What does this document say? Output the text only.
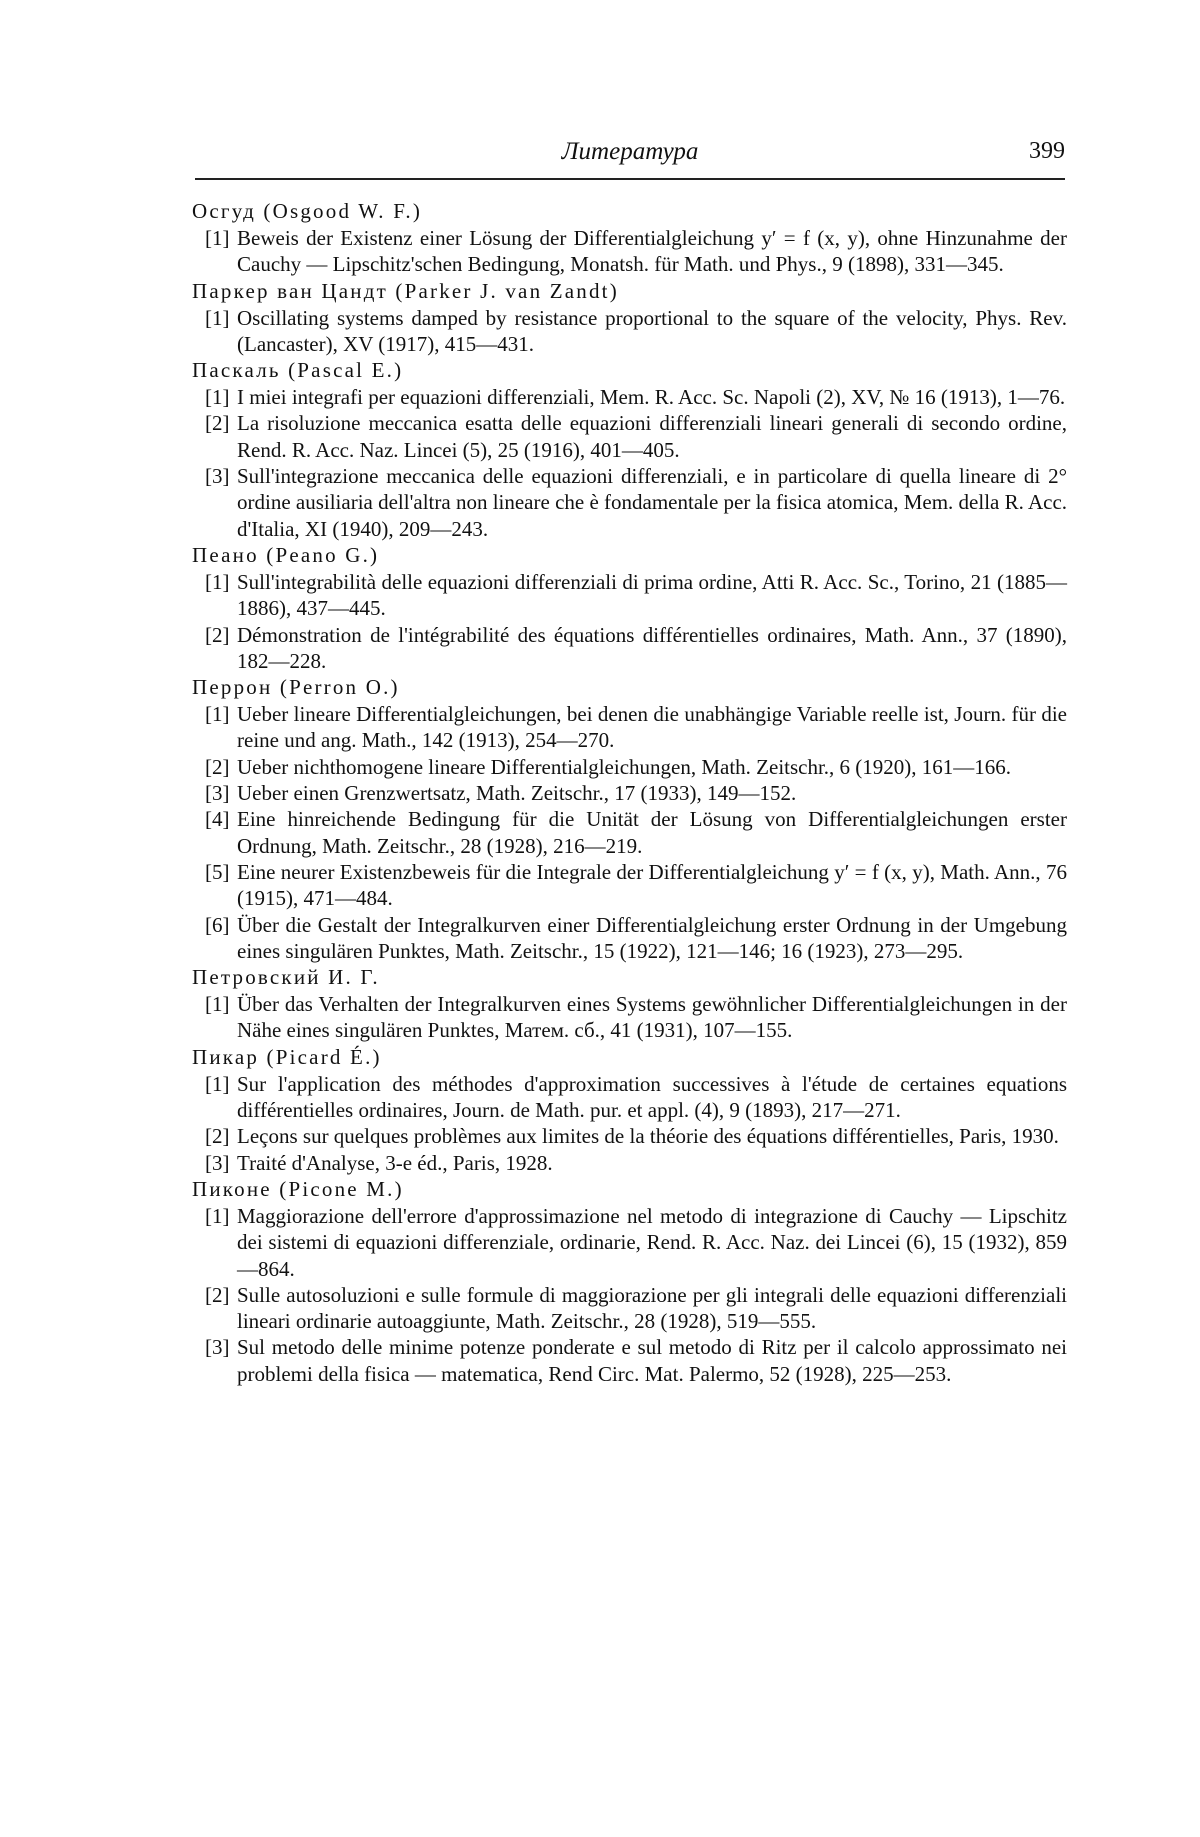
Литература	399

Осгуд (Osgood W. F.)

[1] Beweis der Existenz einer Lösung der Differentialgleichung y′ = f (x, y), ohne Hinzunahme der Cauchy — Lipschitz'schen Bedingung, Monatsh. für Math. und Phys., 9 (1898), 331—345.

Паркер ван Цандт (Parker J. van Zandt)

[1] Oscillating systems damped by resistance proportional to the square of the velocity, Phys. Rev. (Lancaster), XV (1917), 415—431.

Паскаль (Pascal E.)

[1] I miei integrafi per equazioni differenziali, Mem. R. Acc. Sc. Napoli (2), XV, № 16 (1913), 1—76.

[2] La risoluzione meccanica esatta delle equazioni differenziali lineari generali di secondo ordine, Rend. R. Acc. Naz. Lincei (5), 25 (1916), 401—405.

[3] Sull'integrazione meccanica delle equazioni differenziali, e in particolare di quella lineare di 2° ordine ausiliaria dell'altra non lineare che è fondamentale per la fisica atomica, Mem. della R. Acc. d'Italia, XI (1940), 209—243.

Пеано (Peano G.)

[1] Sull'integrabilità delle equazioni differenziali di prima ordine, Atti R. Acc. Sc., Torino, 21 (1885—1886), 437—445.

[2] Démonstration de l'intégrabilité des équations différentielles ordinaires, Math. Ann., 37 (1890), 182—228.

Перрон (Perron O.)

[1] Ueber lineare Differentialgleichungen, bei denen die unabhängige Variable reelle ist, Journ. für die reine und ang. Math., 142 (1913), 254—270.

[2] Ueber nichthomogene lineare Differentialgleichungen, Math. Zeitschr., 6 (1920), 161—166.

[3] Ueber einen Grenzwertsatz, Math. Zeitschr., 17 (1933), 149—152.

[4] Eine hinreichende Bedingung für die Unität der Lösung von Differentialgleichungen erster Ordnung, Math. Zeitschr., 28 (1928), 216—219.

[5] Eine neurer Existenzbeweis für die Integrale der Differentialgleichung y′ = f (x, y), Math. Ann., 76 (1915), 471—484.

[6] Über die Gestalt der Integralkurven einer Differentialgleichung erster Ordnung in der Umgebung eines singulären Punktes, Math. Zeitschr., 15 (1922), 121—146; 16 (1923), 273—295.

Петровский И. Г.

[1] Über das Verhalten der Integralkurven eines Systems gewöhnlicher Differentialgleichungen in der Nähe eines singulären Punktes, Матем. сб., 41 (1931), 107—155.

Пикар (Picard É.)

[1] Sur l'application des méthodes d'approximation successives à l'étude de certaines equations différentielles ordinaires, Journ. de Math. pur. et appl. (4), 9 (1893), 217—271.

[2] Leçons sur quelques problèmes aux limites de la théorie des équations différentielles, Paris, 1930.

[3] Traité d'Analyse, 3-e éd., Paris, 1928.

Пиконе (Picone M.)

[1] Maggiorazione dell'errore d'approssimazione nel metodo di integrazione di Cauchy — Lipschitz dei sistemi di equazioni differenziale, ordinarie, Rend. R. Acc. Naz. dei Lincei (6), 15 (1932), 859—864.

[2] Sulle autosoluzioni e sulle formule di maggiorazione per gli integrali delle equazioni differenziali lineari ordinarie autoaggiunte, Math. Zeitschr., 28 (1928), 519—555.

[3] Sul metodo delle minime potenze ponderate e sul metodo di Ritz per il calcolo approssimato nei problemi della fisica — matematica, Rend Circ. Mat. Palermo, 52 (1928), 225—253.
